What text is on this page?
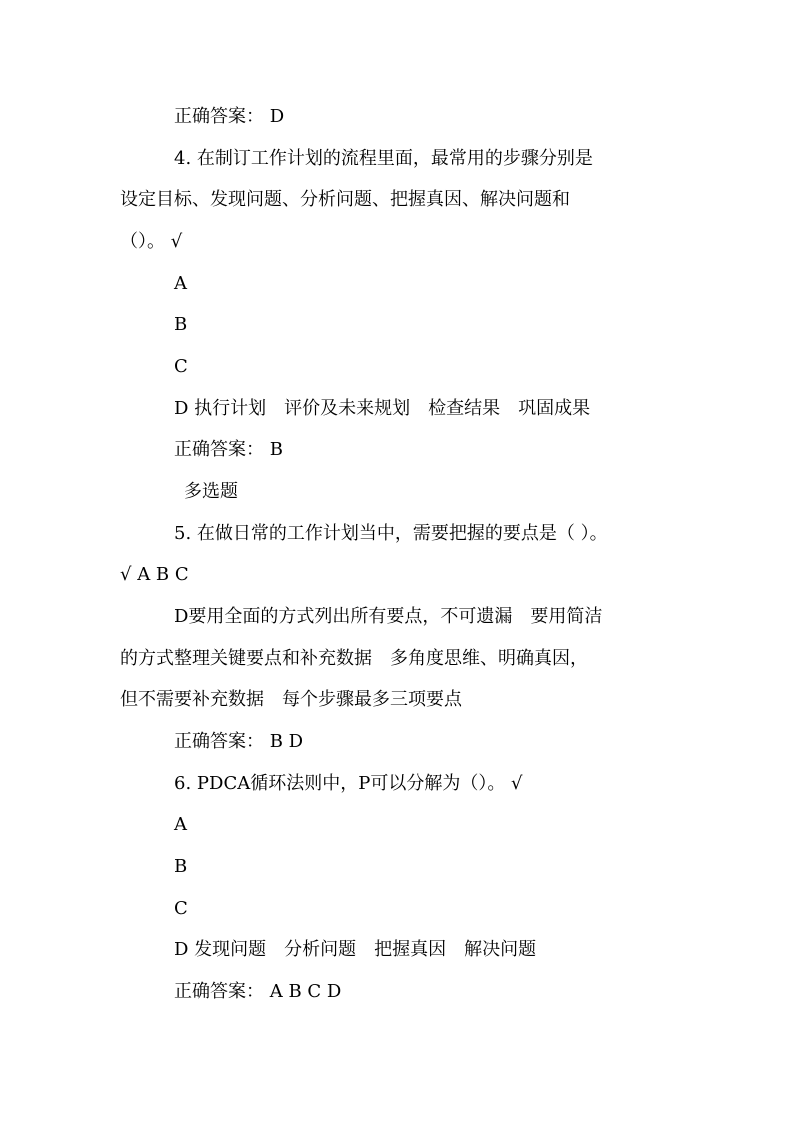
正确答案： D
4. 在制订工作计划的流程里面，最常用的步骤分别是
设定目标、发现问题、分析问题、把握真因、解决问题和
（）。 √
A
B
C
D 执行计划　评价及未来规划　检查结果　巩固成果
正确答案： B
多选题
5. 在做日常的工作计划当中，需要把握的要点是（ ）。
√ A B C
D要用全面的方式列出所有要点，不可遗漏　要用简洁
的方式整理关键要点和补充数据　多角度思维、明确真因，
但不需要补充数据　每个步骤最多三项要点
正确答案： B D
6. PDCA循环法则中，P可以分解为（）。 √
A
B
C
D 发现问题　分析问题　把握真因　解决问题
正确答案： A B C D
